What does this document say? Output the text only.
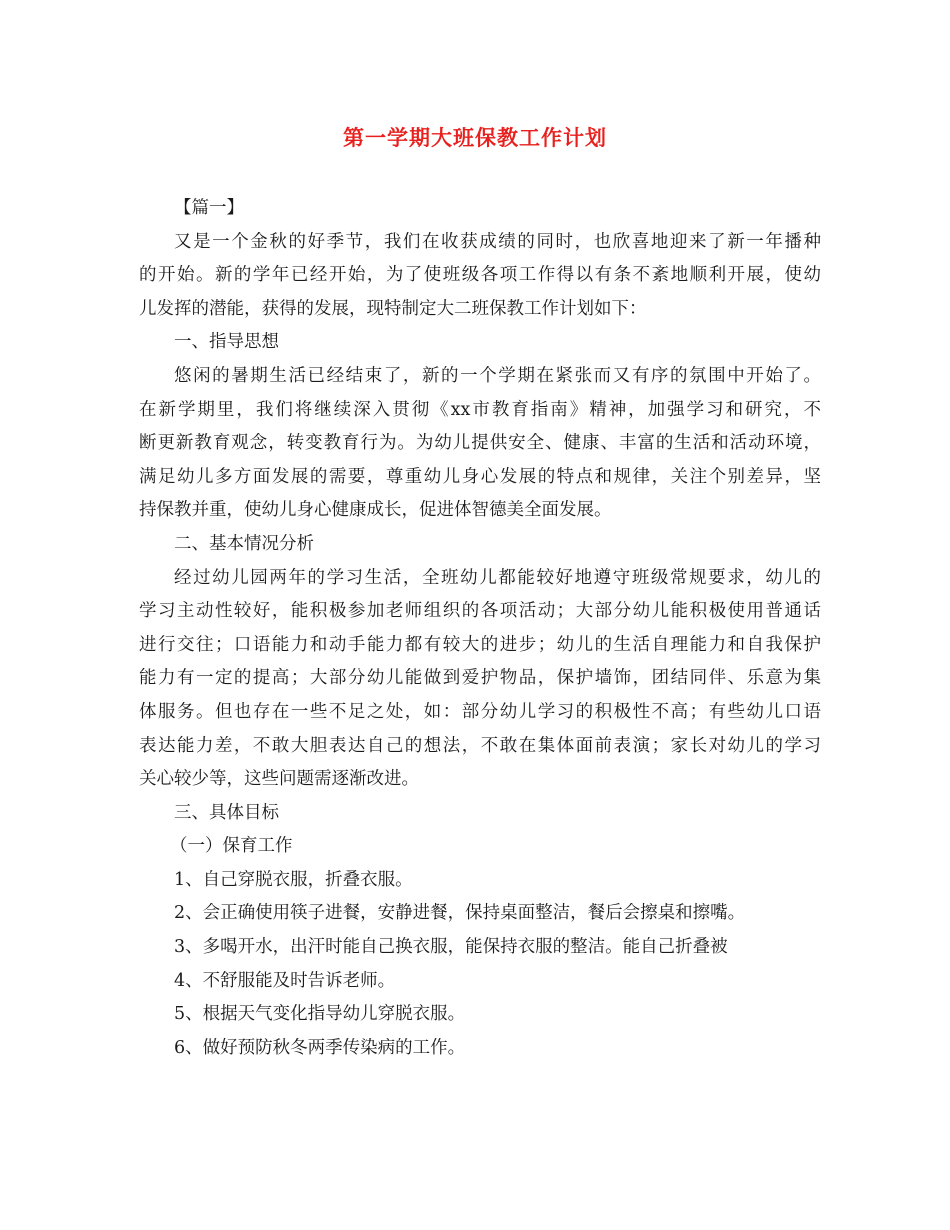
第一学期大班保教工作计划

【篇一】

又是一个金秋的好季节，我们在收获成绩的同时，也欣喜地迎来了新一年播种

的开始。新的学年已经开始，为了使班级各项工作得以有条不紊地顺利开展，使幼

儿发挥的潜能，获得的发展，现特制定大二班保教工作计划如下：

一、指导思想

悠闲的暑期生活已经结束了，新的一个学期在紧张而又有序的氛围中开始了。

在新学期里，我们将继续深入贯彻《xx市教育指南》精神，加强学习和研究，不

断更新教育观念，转变教育行为。为幼儿提供安全、健康、丰富的生活和活动环境，

满足幼儿多方面发展的需要，尊重幼儿身心发展的特点和规律，关注个别差异，坚

持保教并重，使幼儿身心健康成长，促进体智德美全面发展。

二、基本情况分析

经过幼儿园两年的学习生活，全班幼儿都能较好地遵守班级常规要求，幼儿的

学习主动性较好，能积极参加老师组织的各项活动；大部分幼儿能积极使用普通话

进行交往；口语能力和动手能力都有较大的进步；幼儿的生活自理能力和自我保护

能力有一定的提高；大部分幼儿能做到爱护物品，保护墙饰，团结同伴、乐意为集

体服务。但也存在一些不足之处，如：部分幼儿学习的积极性不高；有些幼儿口语

表达能力差，不敢大胆表达自己的想法，不敢在集体面前表演；家长对幼儿的学习

关心较少等，这些问题需逐渐改进。

三、具体目标

（一）保育工作

1、自己穿脱衣服，折叠衣服。

2、会正确使用筷子进餐，安静进餐，保持桌面整洁，餐后会擦桌和擦嘴。

3、多喝开水，出汗时能自己换衣服，能保持衣服的整洁。能自己折叠被

4、不舒服能及时告诉老师。

5、根据天气变化指导幼儿穿脱衣服。

6、做好预防秋冬两季传染病的工作。
